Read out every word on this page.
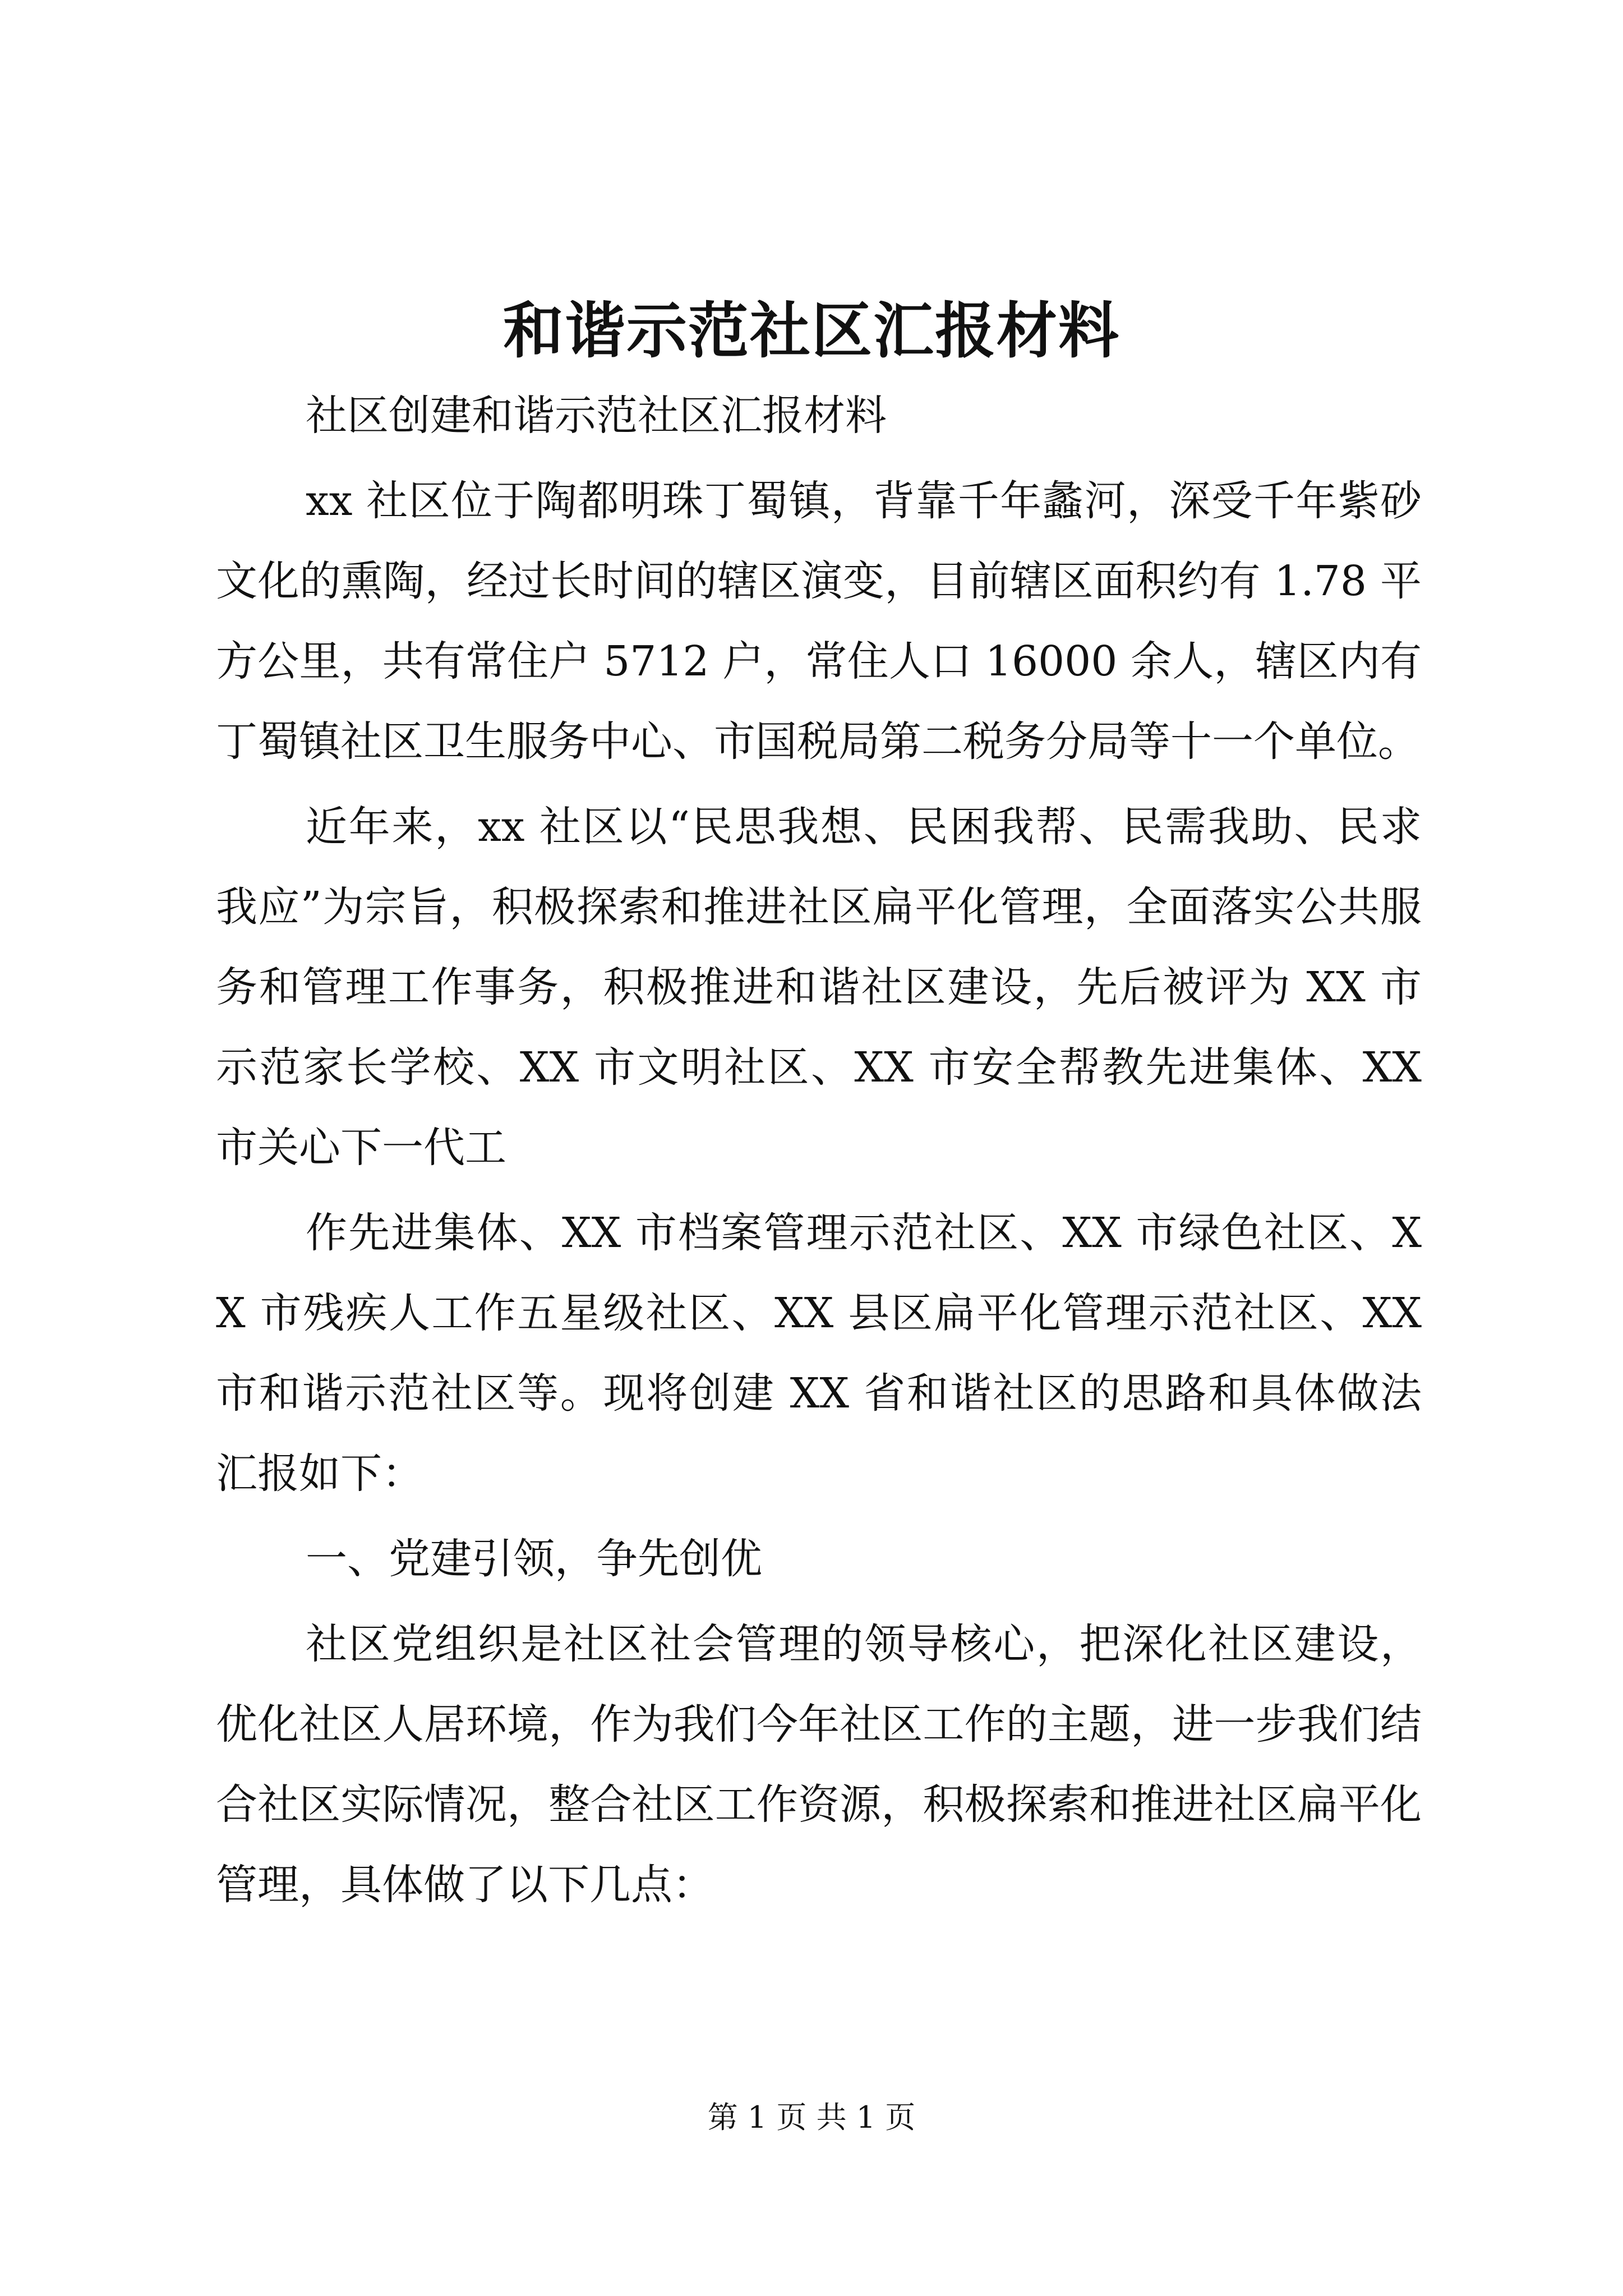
和谐示范社区汇报材料

社区创建和谐示范社区汇报材料

xx 社区位于陶都明珠丁蜀镇，背靠千年蠡河，深受千年紫砂文化的熏陶，经过长时间的辖区演变，目前辖区面积约有 1.78 平方公里，共有常住户 5712 户，常住人口 16000 余人，辖区内有丁蜀镇社区卫生服务中心、市国税局第二税务分局等十一个单位。

近年来，xx 社区以“民思我想、民困我帮、民需我助、民求我应”为宗旨，积极探索和推进社区扁平化管理，全面落实公共服务和管理工作事务，积极推进和谐社区建设，先后被评为 XX 市示范家长学校、XX 市文明社区、XX 市安全帮教先进集体、XX 市关心下一代工

作先进集体、XX 市档案管理示范社区、XX 市绿色社区、XX 市残疾人工作五星级社区、XX 县区扁平化管理示范社区、XX 市和谐示范社区等。现将创建 XX 省和谐社区的思路和具体做法汇报如下：

一、党建引领，争先创优

社区党组织是社区社会管理的领导核心，把深化社区建设，优化社区人居环境，作为我们今年社区工作的主题，进一步我们结合社区实际情况，整合社区工作资源，积极探索和推进社区扁平化管理，具体做了以下几点：

第 1 页 共 1 页
